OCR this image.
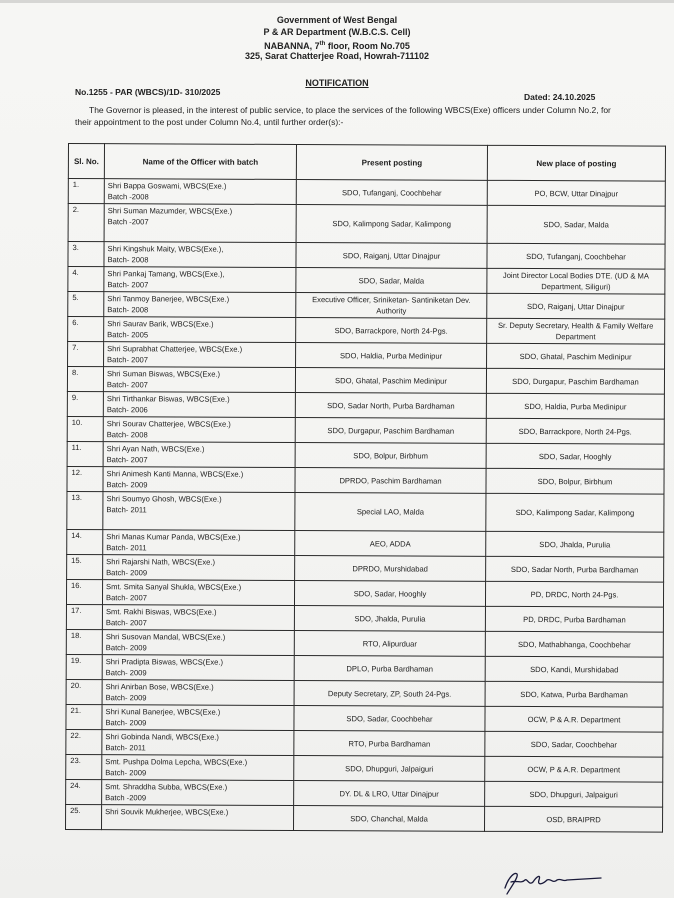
Government of West Bengal
P & AR Department (W.B.C.S. Cell)
NABANNA, 7th floor, Room No.705
325, Sarat Chatterjee Road, Howrah-711102
NOTIFICATION
No.1255 - PAR (WBCS)/1D- 310/2025	Dated: 24.10.2025
The Governor is pleased, in the interest of public service, to place the services of the following WBCS(Exe) officers under Column No.2, for their appointment to the post under Column No.4, until further order(s):-
Sl. No.	Name of the Officer with batch	Present posting	New place of posting
1.	Shri Bappa Goswami, WBCS(Exe.)
Batch -2008	SDO, Tufanganj, Coochbehar	PO, BCW, Uttar Dinajpur
2.	Shri Suman Mazumder, WBCS(Exe.)
Batch -2007	SDO, Kalimpong Sadar, Kalimpong	SDO, Sadar, Malda
3.	Shri Kingshuk Maity, WBCS(Exe.),
Batch- 2008	SDO, Raiganj, Uttar Dinajpur	SDO, Tufanganj, Coochbehar
4.	Shri Pankaj Tamang, WBCS(Exe.),
Batch- 2007	SDO, Sadar, Malda	Joint Director Local Bodies DTE. (UD & MA Department, Siliguri)
5.	Shri Tanmoy Banerjee, WBCS(Exe.)
Batch- 2008	Executive Officer, Sriniketan- Santiniketan Dev. Authority	SDO, Raiganj, Uttar Dinajpur
6.	Shri Saurav Barik, WBCS(Exe.)
Batch- 2005	SDO, Barrackpore, North 24-Pgs.	Sr. Deputy Secretary, Health & Family Welfare Department
7.	Shri Suprabhat Chatterjee, WBCS(Exe.)
Batch- 2007	SDO, Haldia, Purba Medinipur	SDO, Ghatal, Paschim Medinipur
8.	Shri Suman Biswas, WBCS(Exe.)
Batch- 2007	SDO, Ghatal, Paschim Medinipur	SDO, Durgapur, Paschim Bardhaman
9.	Shri Tirthankar Biswas, WBCS(Exe.)
Batch- 2006	SDO, Sadar North, Purba Bardhaman	SDO, Haldia, Purba Medinipur
10.	Shri Sourav Chatterjee, WBCS(Exe.)
Batch- 2008	SDO, Durgapur, Paschim Bardhaman	SDO, Barrackpore, North 24-Pgs.
11.	Shri Ayan Nath, WBCS(Exe.)
Batch- 2007	SDO, Bolpur, Birbhum	SDO, Sadar, Hooghly
12.	Shri Animesh Kanti Manna, WBCS(Exe.)
Batch- 2009	DPRDO, Paschim Bardhaman	SDO, Bolpur, Birbhum
13.	Shri Soumyo Ghosh, WBCS(Exe.)
Batch- 2011	Special LAO, Malda	SDO, Kalimpong Sadar, Kalimpong
14.	Shri Manas Kumar Panda, WBCS(Exe.)
Batch- 2011	AEO, ADDA	SDO, Jhalda, Purulia
15.	Shri Rajarshi Nath, WBCS(Exe.)
Batch- 2009	DPRDO, Murshidabad	SDO, Sadar North, Purba Bardhaman
16.	Smt. Smita Sanyal Shukla, WBCS(Exe.)
Batch- 2007	SDO, Sadar, Hooghly	PD, DRDC, North 24-Pgs.
17.	Smt. Rakhi Biswas, WBCS(Exe.)
Batch- 2007	SDO, Jhalda, Purulia	PD, DRDC, Purba Bardhaman
18.	Shri Susovan Mandal, WBCS(Exe.)
Batch- 2009	RTO, Alipurduar	SDO, Mathabhanga, Coochbehar
19.	Shri Pradipta Biswas, WBCS(Exe.)
Batch- 2009	DPLO, Purba Bardhaman	SDO, Kandi, Murshidabad
20.	Shri Anirban Bose, WBCS(Exe.)
Batch- 2009	Deputy Secretary, ZP, South 24-Pgs.	SDO, Katwa, Purba Bardhaman
21.	Shri Kunal Banerjee, WBCS(Exe.)
Batch- 2009	SDO, Sadar, Coochbehar	OCW, P & A.R. Department
22.	Shri Gobinda Nandi, WBCS(Exe.)
Batch- 2011	RTO, Purba Bardhaman	SDO, Sadar, Coochbehar
23.	Smt. Pushpa Dolma Lepcha, WBCS(Exe.)
Batch- 2009	SDO, Dhupguri, Jalpaiguri	OCW, P & A.R. Department
24.	Smt. Shraddha Subba, WBCS(Exe.)
Batch -2009	DY. DL & LRO, Uttar Dinajpur	SDO, Dhupguri, Jalpaiguri
25.	Shri Souvik Mukherjee, WBCS(Exe.)	SDO, Chanchal, Malda	OSD, BRAIPRD
